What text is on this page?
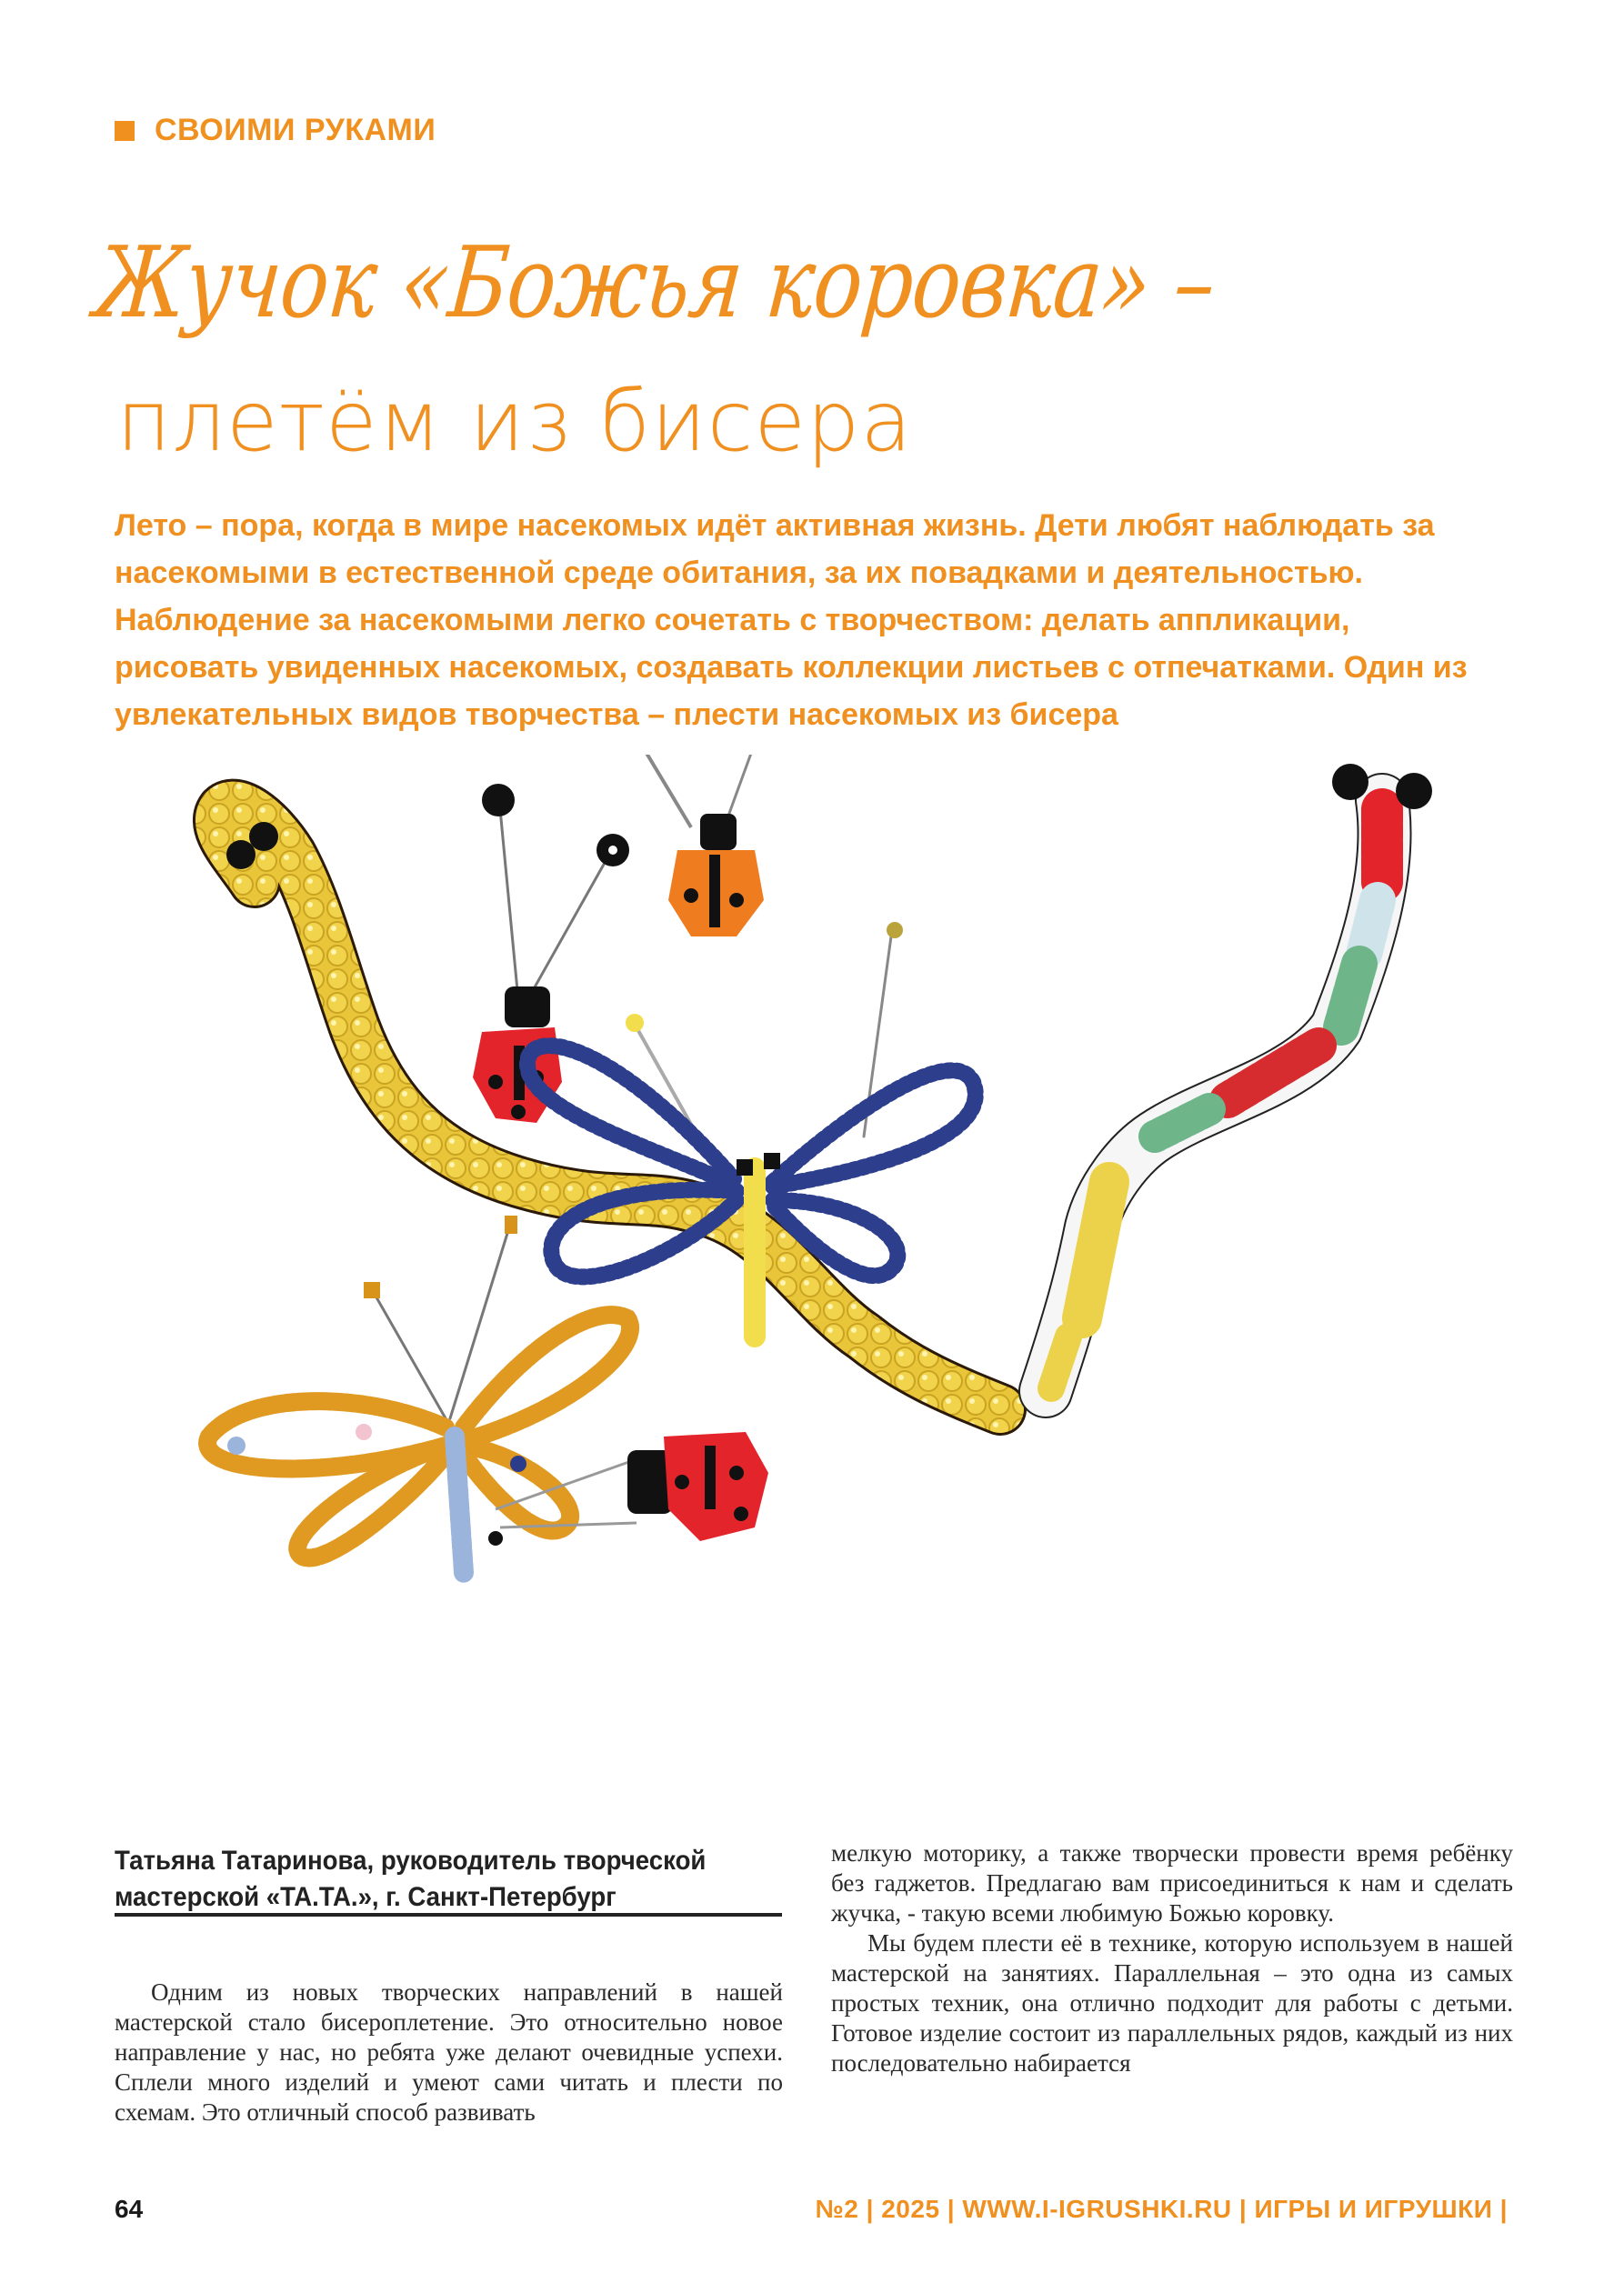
СВОИМИ РУКАМИ
Жучок «Божья коровка» –
плетём из бисера

Лето – пора, когда в мире насекомых идёт активная жизнь. Дети любят наблюдать за насекомыми в естественной среде обитания, за их повадками и деятельностью. Наблюдение за насекомыми легко сочетать с творчеством: делать аппликации, рисовать увиденных насекомых, создавать коллекции листьев с отпечатками. Один из увлекательных видов творчества – плести насекомых из бисера

Татьяна Татаринова, руководитель творческой мастерской «ТА.ТА.», г. Санкт-Петербург

Одним из новых творческих направлений в нашей мастерской стало бисероплетение. Это относительно новое направление у нас, но ребята уже делают очевидные успехи. Сплели много изделий и умеют сами читать и плести по схемам. Это отличный способ развивать

мелкую моторику, а также творчески провести время ребёнку без гаджетов. Предлагаю вам присоединиться к нам и сделать жучка, - такую всеми любимую Божью коровку.

Мы будем плести её в технике, которую используем в нашей мастерской на занятиях. Параллельная – это одна из самых простых техник, она отлично подходит для работы с детьми. Готовое изделие состоит из параллельных рядов, каждый из них последовательно набирается

64	№2 | 2025 | WWW.I-IGRUSHKI.RU | ИГРЫ И ИГРУШКИ |
